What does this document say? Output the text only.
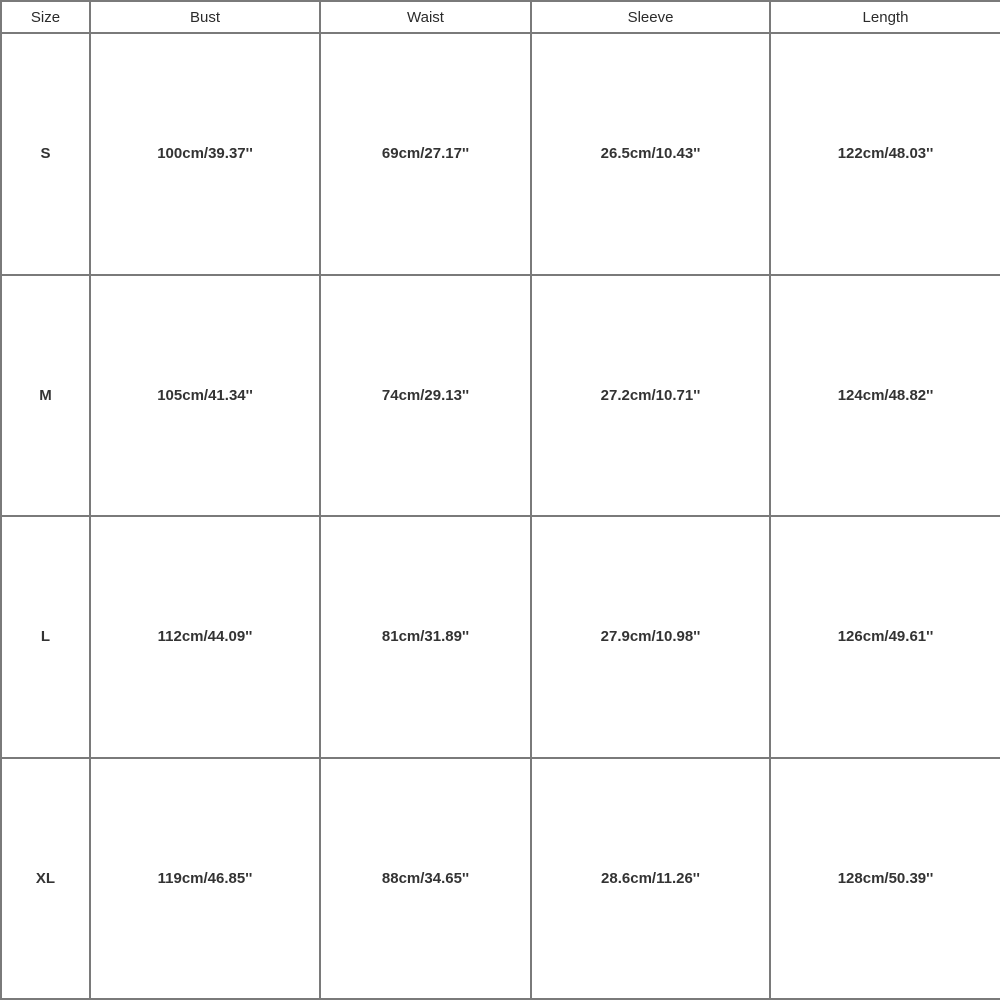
Size	Bust	Waist	Sleeve	Length
S	100cm/39.37''	69cm/27.17''	26.5cm/10.43''	122cm/48.03''
M	105cm/41.34''	74cm/29.13''	27.2cm/10.71''	124cm/48.82''
L	112cm/44.09''	81cm/31.89''	27.9cm/10.98''	126cm/49.61''
XL	119cm/46.85''	88cm/34.65''	28.6cm/11.26''	128cm/50.39''
